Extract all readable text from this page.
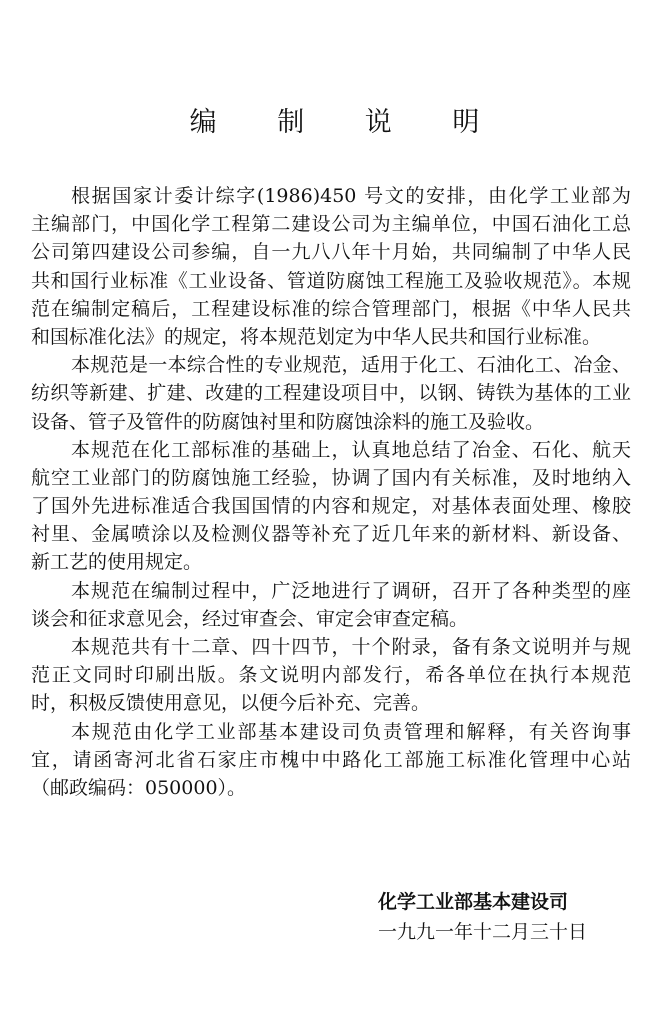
编 制 说 明
根据国家计委计综字(1986)450 号文的安排，由化学工业部为
主编部门，中国化学工程第二建设公司为主编单位，中国石油化工总
公司第四建设公司参编，自一九八八年十月始，共同编制了中华人民
共和国行业标准《工业设备、管道防腐蚀工程施工及验收规范》。本规
范在编制定稿后，工程建设标准的综合管理部门，根据《中华人民共
和国标准化法》的规定，将本规范划定为中华人民共和国行业标准。
本规范是一本综合性的专业规范，适用于化工、石油化工、冶金、
纺织等新建、扩建、改建的工程建设项目中，以钢、铸铁为基体的工业
设备、管子及管件的防腐蚀衬里和防腐蚀涂料的施工及验收。
本规范在化工部标准的基础上，认真地总结了冶金、石化、航天
航空工业部门的防腐蚀施工经验，协调了国内有关标准，及时地纳入
了国外先进标准适合我国国情的内容和规定，对基体表面处理、橡胶
衬里、金属喷涂以及检测仪器等补充了近几年来的新材料、新设备、
新工艺的使用规定。
本规范在编制过程中，广泛地进行了调研，召开了各种类型的座
谈会和征求意见会，经过审查会、审定会审查定稿。
本规范共有十二章、四十四节，十个附录，备有条文说明并与规
范正文同时印刷出版。条文说明内部发行，希各单位在执行本规范
时，积极反馈使用意见，以便今后补充、完善。
本规范由化学工业部基本建设司负责管理和解释，有关咨询事
宜，请函寄河北省石家庄市槐中中路化工部施工标准化管理中心站
（邮政编码：050000）。
化学工业部基本建设司
一九九一年十二月三十日
